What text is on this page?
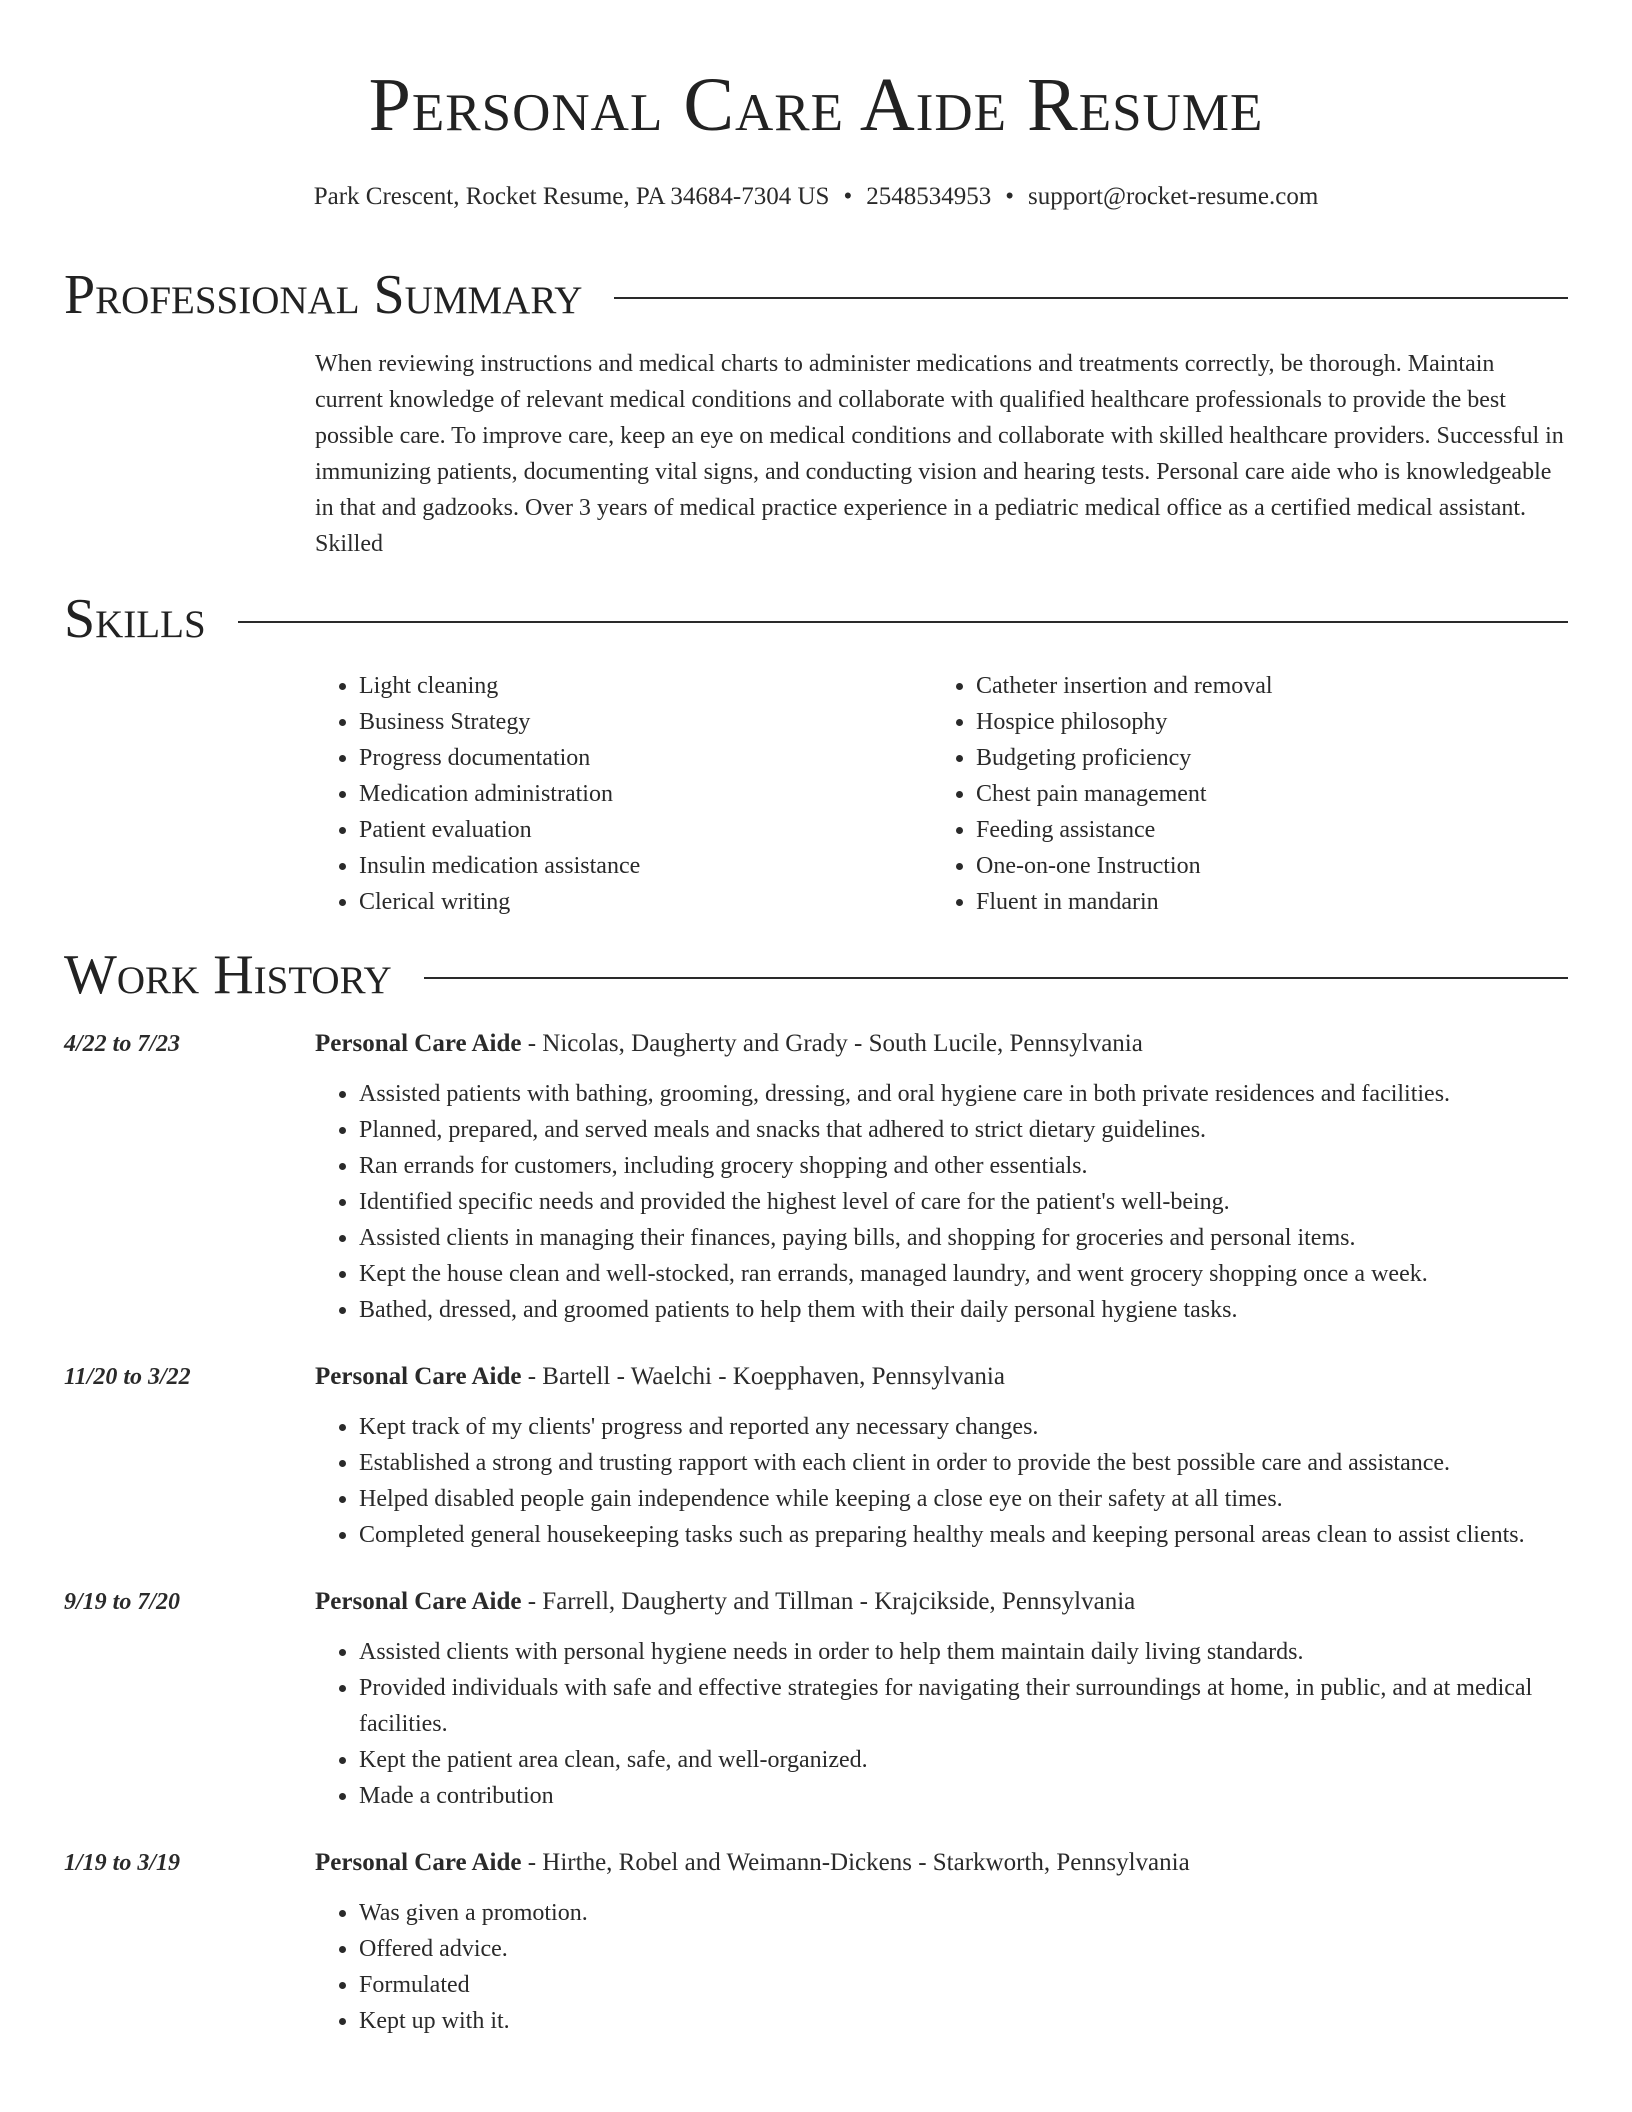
Personal Care Aide Resume
Park Crescent, Rocket Resume, PA 34684-7304 US • 2548534953 • support@rocket-resume.com
Professional Summary

When reviewing instructions and medical charts to administer medications and treatments correctly, be thorough. Maintain current knowledge of relevant medical conditions and collaborate with qualified healthcare professionals to provide the best possible care. To improve care, keep an eye on medical conditions and collaborate with skilled healthcare providers. Successful in immunizing patients, documenting vital signs, and conducting vision and hearing tests. Personal care aide who is knowledgeable in that and gadzooks. Over 3 years of medical practice experience in a pediatric medical office as a certified medical assistant. Skilled

Skills
• Light cleaning
• Business Strategy
• Progress documentation
• Medication administration
• Patient evaluation
• Insulin medication assistance
• Clerical writing
• Catheter insertion and removal
• Hospice philosophy
• Budgeting proficiency
• Chest pain management
• Feeding assistance
• One-on-one Instruction
• Fluent in mandarin
Work History
4/22 to 7/23	Personal Care Aide - Nicolas, Daugherty and Grady - South Lucile, Pennsylvania
• Assisted patients with bathing, grooming, dressing, and oral hygiene care in both private residences and facilities.
• Planned, prepared, and served meals and snacks that adhered to strict dietary guidelines.
• Ran errands for customers, including grocery shopping and other essentials.
• Identified specific needs and provided the highest level of care for the patient's well-being.
• Assisted clients in managing their finances, paying bills, and shopping for groceries and personal items.
• Kept the house clean and well-stocked, ran errands, managed laundry, and went grocery shopping once a week.
• Bathed, dressed, and groomed patients to help them with their daily personal hygiene tasks.
11/20 to 3/22	Personal Care Aide - Bartell - Waelchi - Koepphaven, Pennsylvania
• Kept track of my clients' progress and reported any necessary changes.
• Established a strong and trusting rapport with each client in order to provide the best possible care and assistance.
• Helped disabled people gain independence while keeping a close eye on their safety at all times.
• Completed general housekeeping tasks such as preparing healthy meals and keeping personal areas clean to assist clients.
9/19 to 7/20	Personal Care Aide - Farrell, Daugherty and Tillman - Krajcikside, Pennsylvania
• Assisted clients with personal hygiene needs in order to help them maintain daily living standards.
• Provided individuals with safe and effective strategies for navigating their surroundings at home, in public, and at medical facilities.
• Kept the patient area clean, safe, and well-organized.
• Made a contribution
1/19 to 3/19	Personal Care Aide - Hirthe, Robel and Weimann-Dickens - Starkworth, Pennsylvania
• Was given a promotion.
• Offered advice.
• Formulated
• Kept up with it.
